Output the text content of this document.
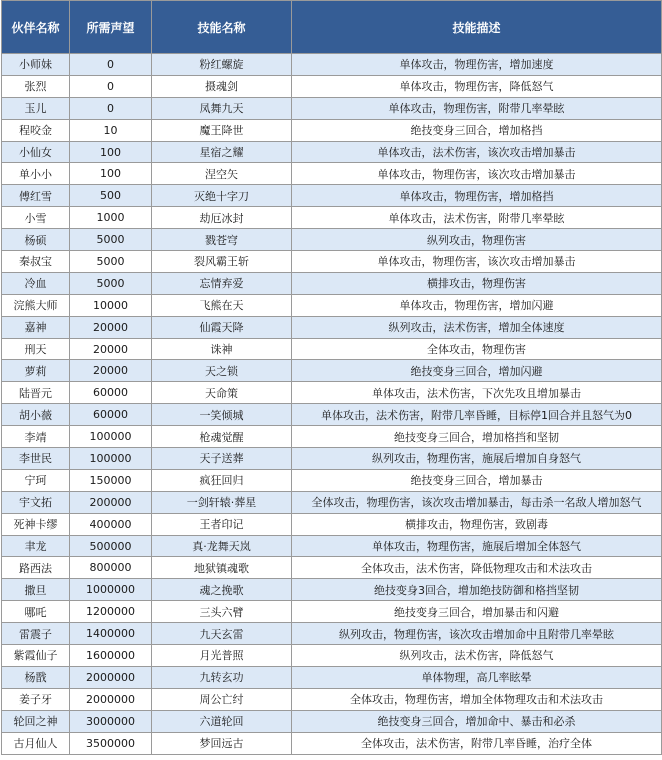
伙伴名称	所需声望	技能名称	技能描述
小师妹	0	粉红螺旋	单体攻击，物理伤害，增加速度
张烈	0	摄魂剑	单体攻击，物理伤害，降低怒气
玉儿	0	凤舞九天	单体攻击，物理伤害，附带几率晕眩
程咬金	10	魔王降世	绝技变身三回合，增加格挡
小仙女	100	星宿之耀	单体攻击，法术伤害，该次攻击增加暴击
单小小	100	涅空矢	单体攻击，物理伤害，该次攻击增加暴击
傅红雪	500	灭绝十字刀	单体攻击，物理伤害，增加格挡
小雪	1000	劫厄冰封	单体攻击，法术伤害，附带几率晕眩
杨硕	5000	戮苍穹	纵列攻击，物理伤害
秦叔宝	5000	裂风霸王斩	单体攻击，物理伤害，该次攻击增加暴击
冷血	5000	忘情弃爱	横排攻击，物理伤害
浣熊大师	10000	飞熊在天	单体攻击，物理伤害，增加闪避
嘉神	20000	仙霞天降	纵列攻击，法术伤害，增加全体速度
刑天	20000	诛神	全体攻击，物理伤害
萝莉	20000	天之锁	绝技变身三回合，增加闪避
陆晋元	60000	天命策	单体攻击，法术伤害，下次先攻且增加暴击
胡小薇	60000	一笑倾城	单体攻击，法术伤害，附带几率昏睡，目标停1回合并且怒气为0
李靖	100000	枪魂觉醒	绝技变身三回合，增加格挡和坚韧
李世民	100000	天子送葬	纵列攻击，物理伤害，施展后增加自身怒气
宁珂	150000	疯狂回归	绝技变身三回合，增加暴击
宇文拓	200000	一剑轩辕·葬星	全体攻击，物理伤害，该次攻击增加暴击，每击杀一名敌人增加怒气
死神卡缪	400000	王者印记	横排攻击，物理伤害，致剧毒
聿龙	500000	真·龙舞天岚	单体攻击，物理伤害，施展后增加全体怒气
路西法	800000	地狱镇魂歌	全体攻击，法术伤害，降低物理攻击和术法攻击
撒旦	1000000	魂之挽歌	绝技变身3回合，增加绝技防御和格挡坚韧
哪吒	1200000	三头六臂	绝技变身三回合，增加暴击和闪避
雷震子	1400000	九天玄雷	纵列攻击，物理伤害，该次攻击增加命中且附带几率晕眩
紫霞仙子	1600000	月光普照	纵列攻击，法术伤害，降低怒气
杨戬	2000000	九转玄功	单体物理，高几率眩晕
姜子牙	2000000	周公亡纣	全体攻击，物理伤害，增加全体物理攻击和术法攻击
轮回之神	3000000	六道轮回	绝技变身三回合，增加命中、暴击和必杀
古月仙人	3500000	梦回远古	全体攻击，法术伤害，附带几率昏睡，治疗全体
